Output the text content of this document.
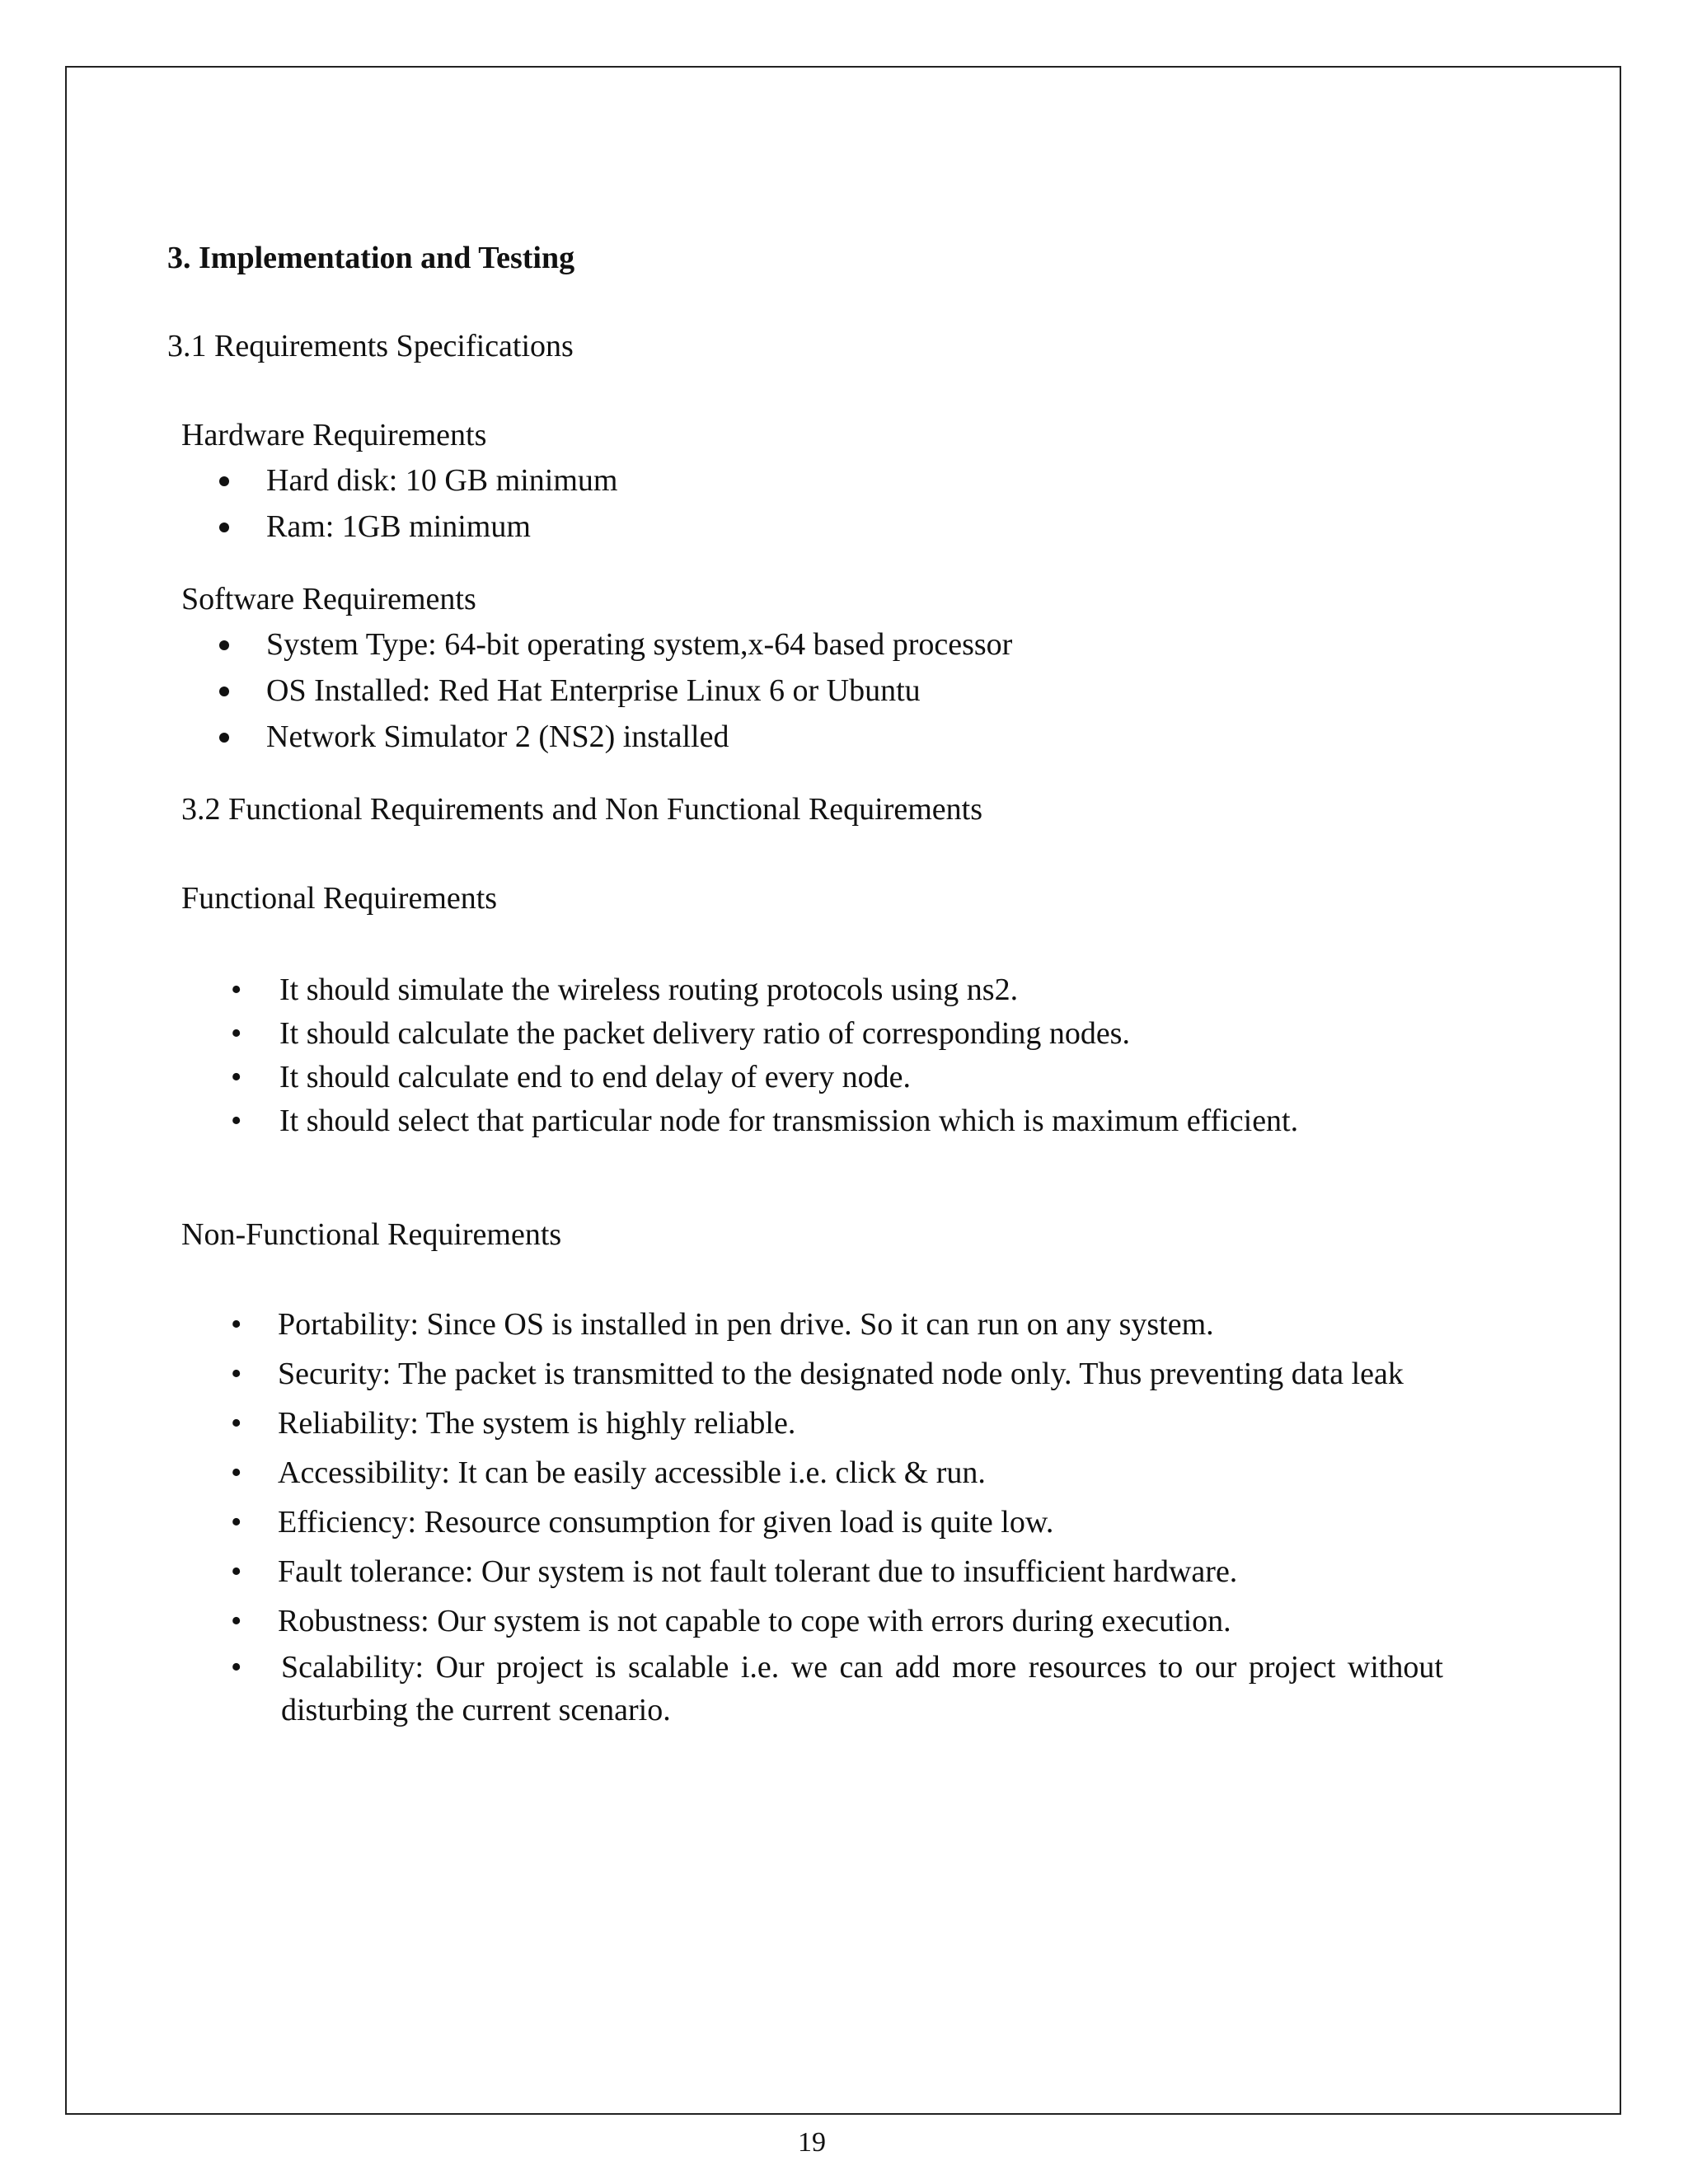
3. Implementation and Testing
3.1 Requirements Specifications
Hardware Requirements
Hard disk: 10 GB minimum
Ram: 1GB minimum
Software Requirements
System Type: 64-bit operating system,x-64 based processor
OS Installed: Red Hat Enterprise Linux 6 or Ubuntu
Network Simulator 2 (NS2) installed
3.2 Functional Requirements and Non Functional Requirements
Functional Requirements
• It should simulate the wireless routing protocols using ns2.
• It should calculate the packet delivery ratio of corresponding nodes.
• It should calculate end to end delay of every node.
• It should select that particular node for transmission which is maximum efficient.
Non-Functional Requirements
• Portability: Since OS is installed in pen drive. So it can run on any system.
• Security: The packet is transmitted to the designated node only. Thus preventing data leak
• Reliability: The system is highly reliable.
• Accessibility: It can be easily accessible i.e. click & run.
• Efficiency: Resource consumption for given load is quite low.
• Fault tolerance: Our system is not fault tolerant due to insufficient hardware.
• Robustness: Our system is not capable to cope with errors during execution.
• Scalability: Our project is scalable i.e. we can add more resources to our project without disturbing the current scenario.
19
